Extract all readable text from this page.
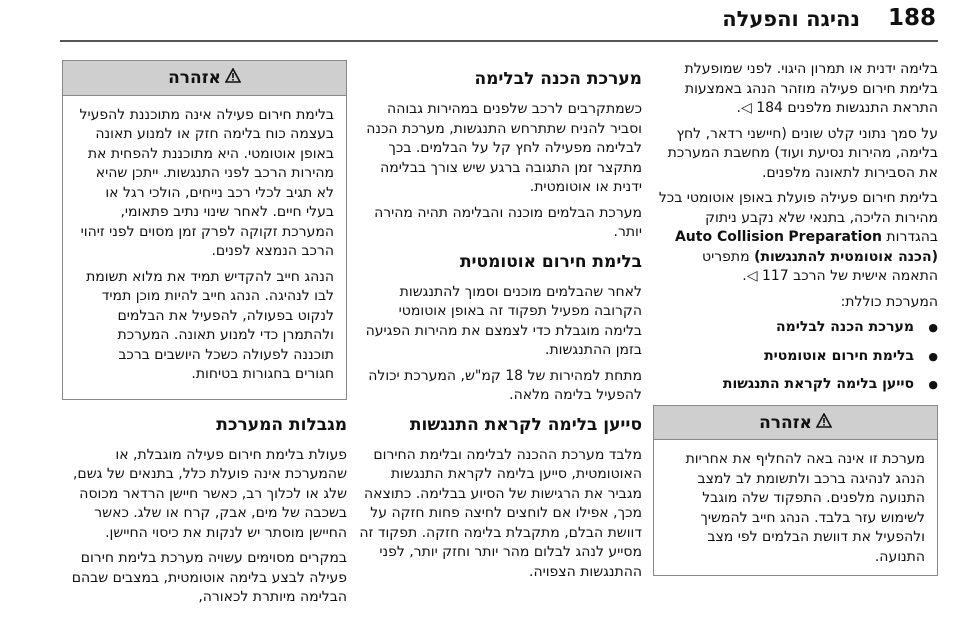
נהיגה והפעלה 188

בלימה ידנית או תמרון היגוי. לפני שמופעלת בלימת חירום פעילה מוזהר הנהג באמצעות התראת התנגשות מלפנים 184 ◁.

על סמך נתוני קלט שונים (חיישני רדאר, לחץ בלימה, מהירות נסיעת ועוד) מחשבת המערכת את הסבירות לתאונה מלפנים.

בלימת חירום פעילה פועלת באופן אוטומטי בכל מהירות הליכה, בתנאי שלא נקבע ניתוק בהגדרות Auto Collision Preparation (הכנה אוטומטית להתנגשות) מתפריט התאמה אישית של הרכב 117 ◁.

המערכת כוללת:

● מערכת הכנה לבלימה
● בלימת חירום אוטומטית
● סייען בלימה לקראת התנגשות
אזהרה
מערכת זו אינה באה להחליף את אחריות הנהג לנהיגה ברכב ולתשומת לב למצב התנועה מלפנים. התפקוד שלה מוגבל לשימוש עזר בלבד. הנהג חייב להמשיך ולהפעיל את דוושת הבלמים לפי מצב התנועה.
מערכת הכנה לבלימה

כשמתקרבים לרכב שלפנים במהירות גבוהה וסביר להניח שתתרחש התנגשות, מערכת הכנה לבלימה מפעילה לחץ קל על הבלמים. בכך מתקצר זמן התגובה ברגע שיש צורך בבלימה ידנית או אוטומטית.

מערכת הבלמים מוכנה והבלימה תהיה מהירה יותר.

בלימת חירום אוטומטית

לאחר שהבלמים מוכנים וסמוך להתנגשות הקרובה מפעיל תפקוד זה באופן אוטומטי בלימה מוגבלת כדי לצמצם את מהירות הפגיעה בזמן ההתנגשות.

מתחת למהירות של 18 קמ"ש, המערכת יכולה להפעיל בלימה מלאה.

סייען בלימה לקראת התנגשות

מלבד מערכת ההכנה לבלימה ובלימת החירום האוטומטית, סייען בלימה לקראת התנגשות מגביר את הרגישות של הסיוע בבלימה. כתוצאה מכך, אפילו אם לוחצים לחיצה פחות חזקה על דוושת הבלם, מתקבלת בלימה חזקה. תפקוד זה מסייע לנהג לבלום מהר יותר וחזק יותר, לפני ההתנגשות הצפויה.

אזהרה

בלימת חירום פעילה אינה מתוכננת להפעיל בעצמה כוח בלימה חזק או למנוע תאונה באופן אוטומטי. היא מתוכננת להפחית את מהירות הרכב לפני התנגשות. ייתכן שהיא לא תגיב לכלי רכב נייחים, הולכי רגל או בעלי חיים. לאחר שינוי נתיב פתאומי, המערכת זקוקה לפרק זמן מסוים לפני זיהוי הרכב הנמצא לפנים.

הנהג חייב להקדיש תמיד את מלוא תשומת לבו לנהיגה. הנהג חייב להיות מוכן תמיד לנקוט בפעולה, להפעיל את הבלמים ולהתמרן כדי למנוע תאונה. המערכת תוכננה לפעולה כשכל היושבים ברכב חגורים בחגורות בטיחות.

מגבלות המערכת

פעולת בלימת חירום פעילה מוגבלת, או שהמערכת אינה פועלת כלל, בתנאים של גשם, שלג או לכלוך רב, כאשר חיישן הרדאר מכוסה בשכבה של מים, אבק, קרח או שלג. כאשר החיישן מוסתר יש לנקות את כיסוי החיישן.

במקרים מסוימים עשויה מערכת בלימת חירום פעילה לבצע בלימה אוטומטית, במצבים שבהם הבלימה מיותרת לכאורה,
